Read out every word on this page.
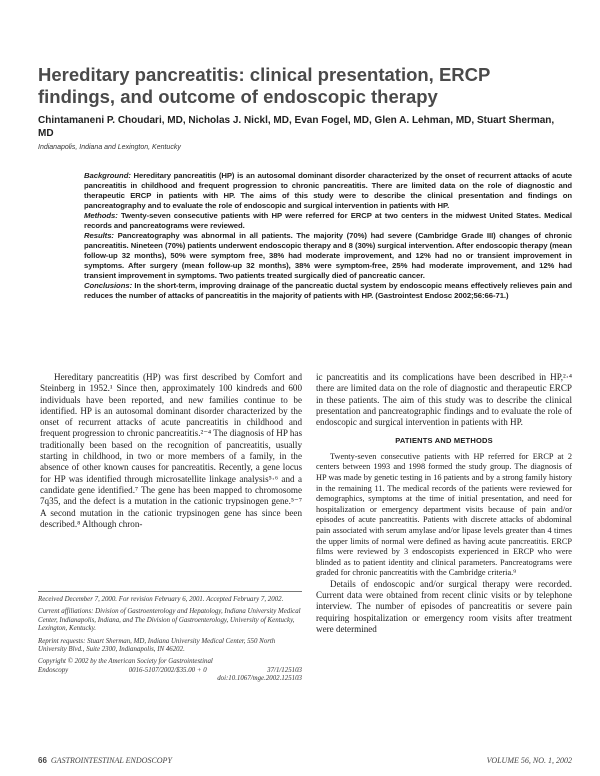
Hereditary pancreatitis: clinical presentation, ERCP findings, and outcome of endoscopic therapy
Chintamaneni P. Choudari, MD, Nicholas J. Nickl, MD, Evan Fogel, MD, Glen A. Lehman, MD, Stuart Sherman, MD
Indianapolis, Indiana and Lexington, Kentucky

Background: Hereditary pancreatitis (HP) is an autosomal dominant disorder characterized by the onset of recurrent attacks of acute pancreatitis in childhood and frequent progression to chronic pancreatitis. There are limited data on the role of diagnostic and therapeutic ERCP in patients with HP. The aims of this study were to describe the clinical presentation and findings on pancreatography and to evaluate the role of endoscopic and surgical intervention in patients with HP.

Methods: Twenty-seven consecutive patients with HP were referred for ERCP at two centers in the midwest United States. Medical records and pancreatograms were reviewed.

Results: Pancreatography was abnormal in all patients. The majority (70%) had severe (Cambridge Grade III) changes of chronic pancreatitis. Nineteen (70%) patients underwent endoscopic therapy and 8 (30%) surgical intervention. After endoscopic therapy (mean follow-up 32 months), 50% were symptom free, 38% had moderate improvement, and 12% had no or transient improvement in symptoms. After surgery (mean follow-up 32 months), 38% were symptom-free, 25% had moderate improvement, and 12% had transient improvement in symptoms. Two patients treated surgically died of pancreatic cancer.

Conclusions: In the short-term, improving drainage of the pancreatic ductal system by endoscopic means effectively relieves pain and reduces the number of attacks of pancreatitis in the majority of patients with HP. (Gastrointest Endosc 2002;56:66-71.)

Hereditary pancreatitis (HP) was first described by Comfort and Steinberg in 1952.¹ Since then, approximately 100 kindreds and 600 individuals have been reported, and new families continue to be identified. HP is an autosomal dominant disorder characterized by the onset of recurrent attacks of acute pancreatitis in childhood and frequent progression to chronic pancreatitis.²⁻⁴ The diagnosis of HP has traditionally been based on the recognition of pancreatitis, usually starting in childhood, in two or more members of a family, in the absence of other known causes for pancreatitis. Recently, a gene locus for HP was identified through microsatellite linkage analysis⁵·⁶ and a candidate gene identified.⁷ The gene has been mapped to chromosome 7q35, and the defect is a mutation in the cationic trypsinogen gene.⁵⁻⁷ A second mutation in the cationic trypsinogen gene has since been described.⁸ Although chron-

Received December 7, 2000. For revision February 6, 2001. Accepted February 7, 2002.

Current affiliations: Division of Gastroenterology and Hepatology, Indiana University Medical Center, Indianapolis, Indiana, and The Division of Gastroenterology, University of Kentucky, Lexington, Kentucky.

Reprint requests: Stuart Sherman, MD, Indiana University Medical Center, 550 North University Blvd., Suite 2300, Indianapolis, IN 46202.

Copyright © 2002 by the American Society for Gastrointestinal
Endoscopy	0016-5107/2002/$35.00 + 0	37/1/125103
doi:10.1067/mge.2002.125103

ic pancreatitis and its complications have been described in HP,²·⁴ there are limited data on the role of diagnostic and therapeutic ERCP in these patients. The aim of this study was to describe the clinical presentation and pancreatographic findings and to evaluate the role of endoscopic and surgical intervention in patients with HP.

PATIENTS AND METHODS

Twenty-seven consecutive patients with HP referred for ERCP at 2 centers between 1993 and 1998 formed the study group. The diagnosis of HP was made by genetic testing in 16 patients and by a strong family history in the remaining 11. The medical records of the patients were reviewed for demographics, symptoms at the time of initial presentation, and need for hospitalization or emergency department visits because of pain and/or episodes of acute pancreatitis. Patients with discrete attacks of abdominal pain associated with serum amylase and/or lipase levels greater than 4 times the upper limits of normal were defined as having acute pancreatitis. ERCP films were reviewed by 3 endoscopists experienced in ERCP who were blinded as to patient identity and clinical parameters. Pancreatograms were graded for chronic pancreatitis with the Cambridge criteria.⁹

Details of endoscopic and/or surgical therapy were recorded. Current data were obtained from recent clinic visits or by telephone interview. The number of episodes of pancreatitis or severe pain requiring hospitalization or emergency room visits after treatment were determined

66 GASTROINTESTINAL ENDOSCOPY	VOLUME 56, NO. 1, 2002
